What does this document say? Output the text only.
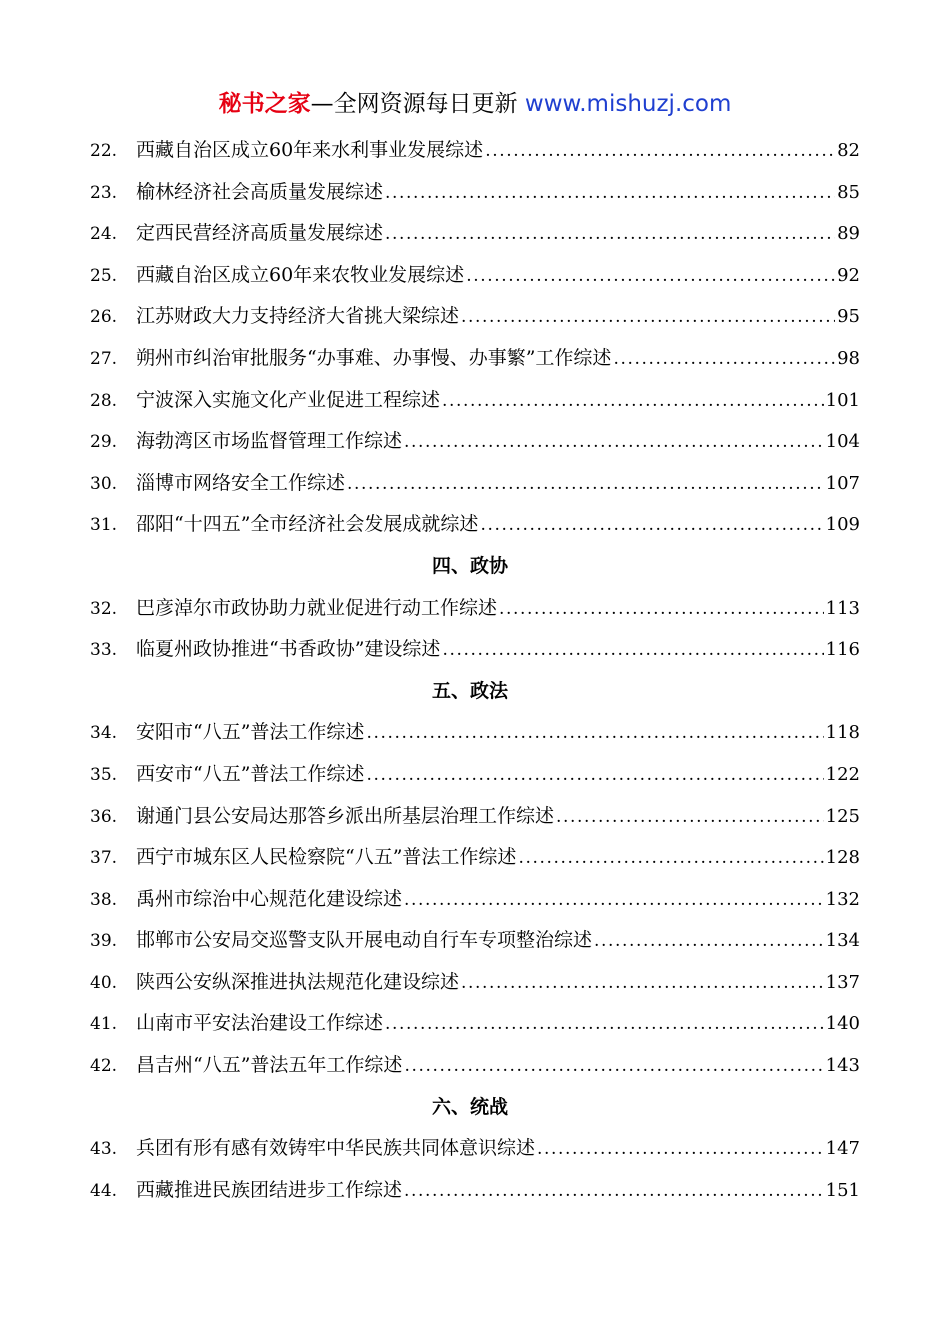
秘书之家—全网资源每日更新 www.mishuzj.com
22. 西藏自治区成立60年来水利事业发展综述 .....	82
23. 榆林经济社会高质量发展综述 .....	85
24. 定西民营经济高质量发展综述 .....	89
25. 西藏自治区成立60年来农牧业发展综述 .....	92
26. 江苏财政大力支持经济大省挑大梁综述 .....	95
27. 朔州市纠治审批服务“办事难、办事慢、办事繁”工作综述 .....	98
28. 宁波深入实施文化产业促进工程综述 .....	101
29. 海勃湾区市场监督管理工作综述 .....	104
30. 淄博市网络安全工作综述 .....	107
31. 邵阳“十四五”全市经济社会发展成就综述 .....	109
四、政协
32. 巴彦淖尔市政协助力就业促进行动工作综述 .....	113
33. 临夏州政协推进“书香政协”建设综述 .....	116
五、政法
34. 安阳市“八五”普法工作综述 .....	118
35. 西安市“八五”普法工作综述 .....	122
36. 谢通门县公安局达那答乡派出所基层治理工作综述 .....	125
37. 西宁市城东区人民检察院“八五”普法工作综述 .....	128
38. 禹州市综治中心规范化建设综述 .....	132
39. 邯郸市公安局交巡警支队开展电动自行车专项整治综述 .....	134
40. 陕西公安纵深推进执法规范化建设综述 .....	137
41. 山南市平安法治建设工作综述 .....	140
42. 昌吉州“八五”普法五年工作综述 .....	143
六、统战
43. 兵团有形有感有效铸牢中华民族共同体意识综述 .....	147
44. 西藏推进民族团结进步工作综述 .....	151
